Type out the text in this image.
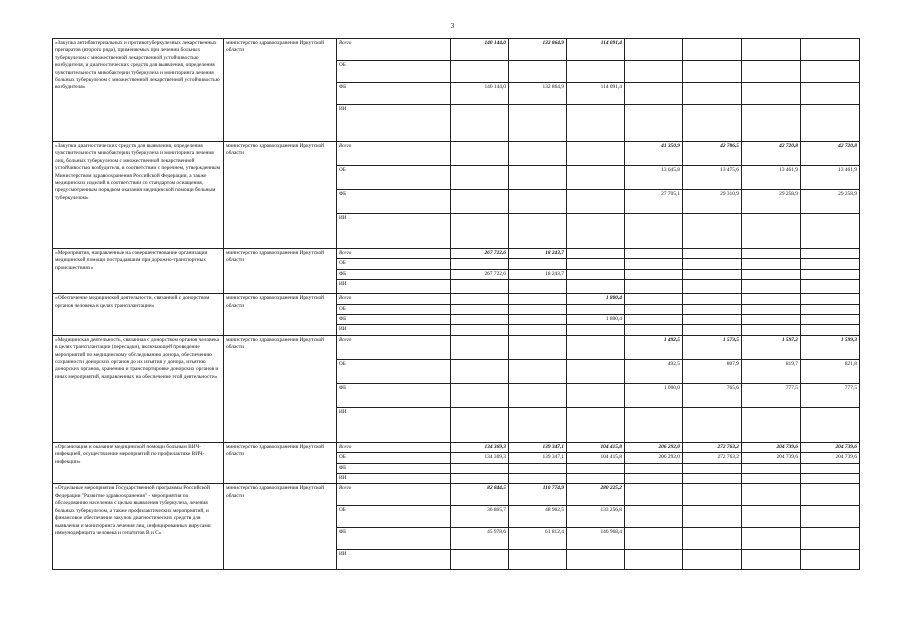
3
«Закупка антибактериальных и противотуберкулезных лекарственных препаратов (второго ряда), применяемых при лечении больных туберкулезом с множественной лекарственной устойчивостью возбудителя, и диагностических средств для выявления, определения чувствительности микобактерии туберкулеза и мониторинга лечения больных туберкулезом с множественной лекарственной устойчивостью возбудителя»	министерство здравоохранения Иркутской области	Всего	140 144,0	132 864,9	114 091,4				
		ОБ							
		ФБ	140 144,0	132 864,9	114 091,4				
		ИИ							
«Закупки диагностических средств для выявления, определения чувствительности микобактерии туберкулеза и мониторинга лечения лиц, больных туберкулезом с множественной лекарственной устойчивостью возбудителя, в соответствии с перечнем, утвержденным Министерством здравоохранения Российской Федерации, а также медицинских изделий в соответствии со стандартом оснащения, предусмотренным порядком оказания медицинской помощи больным туберкулезом»	министерство здравоохранения Иркутской области	Всего				41 350,9	42 786,5	42 720,8	42 720,8
		ОБ				13 645,8	13 475,6	13 461,9	13 461,9
		ФБ				27 705,1	29 310,9	29 258,9	29 258,9
		ИИ							
«Мероприятия, направленные на совершенствование организации медицинской помощи пострадавшим при дорожно-транспортных происшествиях»	министерство здравоохранения Иркутской области	Всего	267 722,6	18 243,7					
		ОБ							
		ФБ	267 722,6	18 243,7					
		ИИ							
«Обеспечение медицинской деятельности, связанной с донорством органов человека в целях трансплантации»	министерство здравоохранения Иркутской области	Всего			1 800,4				
		ОБ							
		ФБ			1 800,4				
		ИИ							
«Медицинская деятельность, связанная с донорством органов человека в целях трансплантации (пересадки), включающей проведение мероприятий по медицинскому обследованию донора, обеспечению сохранности донорских органов до их изъятия у донора, изъятию донорских органов, хранению и транспортировке донорских органов и иных мероприятий, направленных на обеспечение этой деятельности»	министерство здравоохранения Иркутской области	Всего				1 492,5	1 573,5	1 597,2	1 599,3
		ОБ				492,5	807,9	819,7	821,8
		ФБ				1 000,0	765,6	777,5	777,5
		ИИ							
«Организация и оказание медицинской помощи больным ВИЧ-инфекцией, осуществление мероприятий по профилактике ВИЧ-инфекции»	министерство здравоохранения Иркутской области	Всего	134 369,3	139 347,1	104 415,8	206 292,0	272 763,2	204 739,6	204 739,6
		ОБ	134 369,3	139 347,1	104 415,8	206 292,0	272 763,2	204 739,6	204 739,6
		ФБ							
		ИИ							
«Отдельные мероприятия Государственной программы Российской Федерации "Развитие здравоохранения" - мероприятия по обследованию населения с целью выявления туберкулеза, лечения больных туберкулезом, а также профилактических мероприятий, и финансовое обеспечение закупок диагностических средств для выявления и мониторинга лечения лиц, инфицированных вирусами иммунодефицита человека и гепатитов В и С»	министерство здравоохранения Иркутской области	Всего	82 844,5	110 774,9	280 225,2				
		ОБ	36 865,7	48 962,5	133 256,8				
		ФБ	45 978,6	61 812,4	146 968,4				
		ИИ							
